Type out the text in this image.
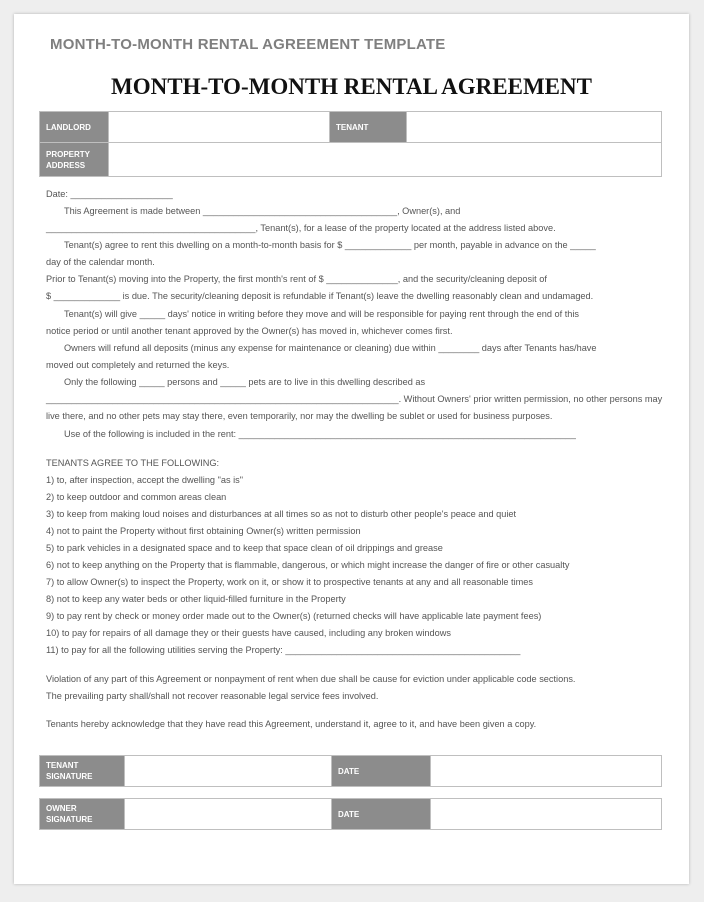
MONTH-TO-MONTH RENTAL AGREEMENT TEMPLATE
MONTH-TO-MONTH RENTAL AGREEMENT
LANDLORD		TENANT	

PROPERTY
ADDRESS			

Date: ____________________
This Agreement is made between ______________________________________, Owner(s), and
_________________________________________, Tenant(s), for a lease of the property located at the address listed above.
Tenant(s) agree to rent this dwelling on a month-to-month basis for $ _____________ per month, payable in advance on the _____
day of the calendar month.
Prior to Tenant(s) moving into the Property, the first month's rent of $ ______________, and the security/cleaning deposit of
$ _____________ is due. The security/cleaning deposit is refundable if Tenant(s) leave the dwelling reasonably clean and undamaged.
Tenant(s) will give _____ days' notice in writing before they move and will be responsible for paying rent through the end of this
notice period or until another tenant approved by the Owner(s) has moved in, whichever comes first.
Owners will refund all deposits (minus any expense for maintenance or cleaning) due within ________ days after Tenants has/have
moved out completely and returned the keys.
Only the following _____ persons and _____ pets are to live in this dwelling described as
_____________________________________________________________________. Without Owners' prior written permission, no other persons may
live there, and no other pets may stay there, even temporarily, nor may the dwelling be sublet or used for business purposes.
Use of the following is included in the rent: __________________________________________________________________
TENANTS AGREE TO THE FOLLOWING:
1) to, after inspection, accept the dwelling "as is"
2) to keep outdoor and common areas clean
3) to keep from making loud noises and disturbances at all times so as not to disturb other people's peace and quiet
4) not to paint the Property without first obtaining Owner(s) written permission
5) to park vehicles in a designated space and to keep that space clean of oil drippings and grease
6) not to keep anything on the Property that is flammable, dangerous, or which might increase the danger of fire or other casualty
7) to allow Owner(s) to inspect the Property, work on it, or show it to prospective tenants at any and all reasonable times
8) not to keep any water beds or other liquid-filled furniture in the Property
9) to pay rent by check or money order made out to the Owner(s) (returned checks will have applicable late payment fees)
10) to pay for repairs of all damage they or their guests have caused, including any broken windows
11) to pay for all the following utilities serving the Property: ______________________________________________
Violation of any part of this Agreement or nonpayment of rent when due shall be cause for eviction under applicable code sections.
The prevailing party shall/shall not recover reasonable legal service fees involved.
Tenants hereby acknowledge that they have read this Agreement, understand it, agree to it, and have been given a copy.
TENANT
SIGNATURE
		DATE	
OWNER
SIGNATURE
		DATE	
